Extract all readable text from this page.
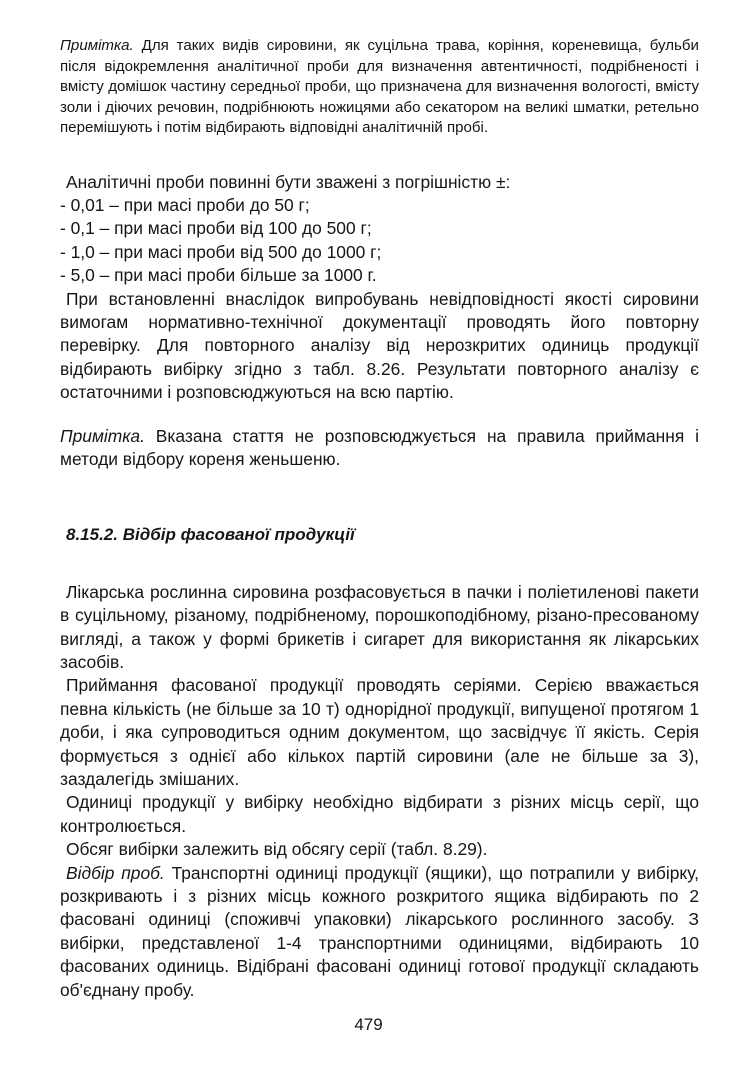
Примітка. Для таких видів сировини, як суцільна трава, коріння, кореневища, бульби після відокремлення аналітичної проби для визначення автентичності, подрібненості і вмісту домішок частину середньої проби, що призначена для визначення вологості, вмісту золи і діючих речовин, подрібнюють ножицями або секатором на великі шматки, ретельно перемішують і потім відбирають відповідні аналітичній пробі.

Аналітичні проби повинні бути зважені з погрішністю ±:

- 0,01 – при масі проби до 50 г;
- 0,1 – при масі проби від 100 до 500 г;
- 1,0 – при масі проби від 500 до 1000 г;
- 5,0 – при масі проби більше за 1000 г.

При встановленні внаслідок випробувань невідповідності якості сировини вимогам нормативно-технічної документації проводять його повторну перевірку. Для повторного аналізу від нерозкритих одиниць продукції відбирають вибірку згідно з табл. 8.26. Результати повторного аналізу є остаточними і розповсюджуються на всю партію.

Примітка. Вказана стаття не розповсюджується на правила приймання і методи відбору кореня женьшеню.

8.15.2. Відбір фасованої продукції

Лікарська рослинна сировина розфасовується в пачки і поліетиленові пакети в суцільному, різаному, подрібненому, порошкоподібному, різано-пресованому вигляді, а також у формі брикетів і сигарет для використання як лікарських засобів.

Приймання фасованої продукції проводять серіями. Серією вважається певна кількість (не більше за 10 т) однорідної продукції, випущеної протягом 1 доби, і яка супроводиться одним документом, що засвідчує її якість. Серія формується з однієї або кількох партій сировини (але не більше за 3), заздалегідь змішаних.

Одиниці продукції у вибірку необхідно відбирати з різних місць серії, що контролюється.

Обсяг вибірки залежить від обсягу серії (табл. 8.29).

Відбір проб. Транспортні одиниці продукції (ящики), що потрапили у вибірку, розкривають і з різних місць кожного розкритого ящика відбирають по 2 фасовані одиниці (споживчі упаковки) лікарського рослинного засобу. З вибірки, представленої 1-4 транспортними одиницями, відбирають 10 фасованих одиниць. Відібрані фасовані одиниці готової продукції складають об'єднану пробу.

479
